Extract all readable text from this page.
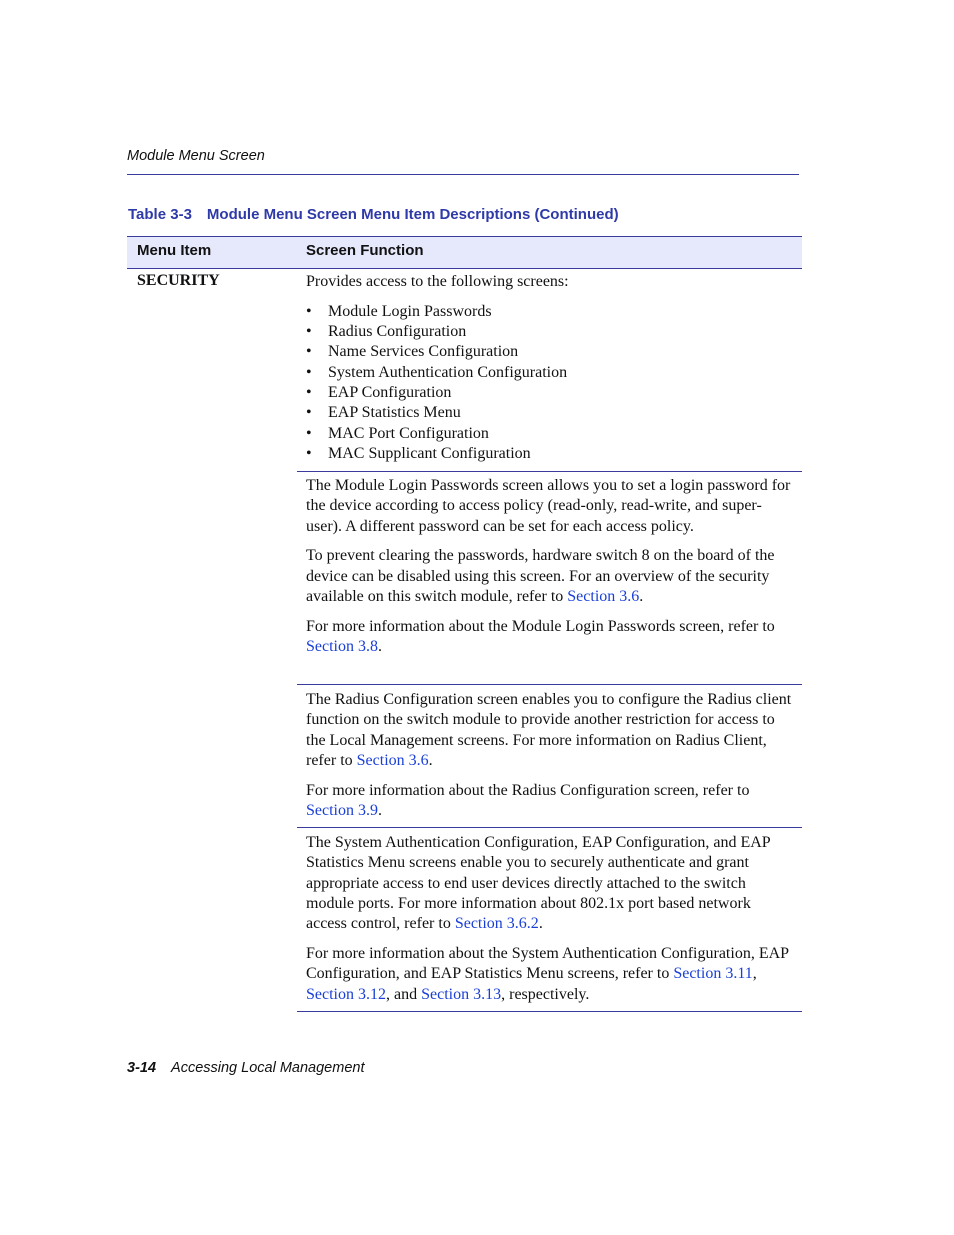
Module Menu Screen
Table 3-3 Module Menu Screen Menu Item Descriptions (Continued)
Menu Item	Screen Function
SECURITY	Provides access to the following screens:

• Module Login Passwords
• Radius Configuration
• Name Services Configuration
• System Authentication Configuration
• EAP Configuration
• EAP Statistics Menu
• MAC Port Configuration
• MAC Supplicant Configuration

The Module Login Passwords screen allows you to set a login password for the device according to access policy (read-only, read-write, and super-user). A different password can be set for each access policy.

To prevent clearing the passwords, hardware switch 8 on the board of the device can be disabled using this screen. For an overview of the security available on this switch module, refer to Section 3.6.

For more information about the Module Login Passwords screen, refer to Section 3.8.

The Radius Configuration screen enables you to configure the Radius client function on the switch module to provide another restriction for access to the Local Management screens. For more information on Radius Client, refer to Section 3.6.

For more information about the Radius Configuration screen, refer to Section 3.9.

The System Authentication Configuration, EAP Configuration, and EAP Statistics Menu screens enable you to securely authenticate and grant appropriate access to end user devices directly attached to the switch module ports. For more information about 802.1x port based network access control, refer to Section 3.6.2.

For more information about the System Authentication Configuration, EAP Configuration, and EAP Statistics Menu screens, refer to Section 3.11, Section 3.12, and Section 3.13, respectively.

3-14 Accessing Local Management
